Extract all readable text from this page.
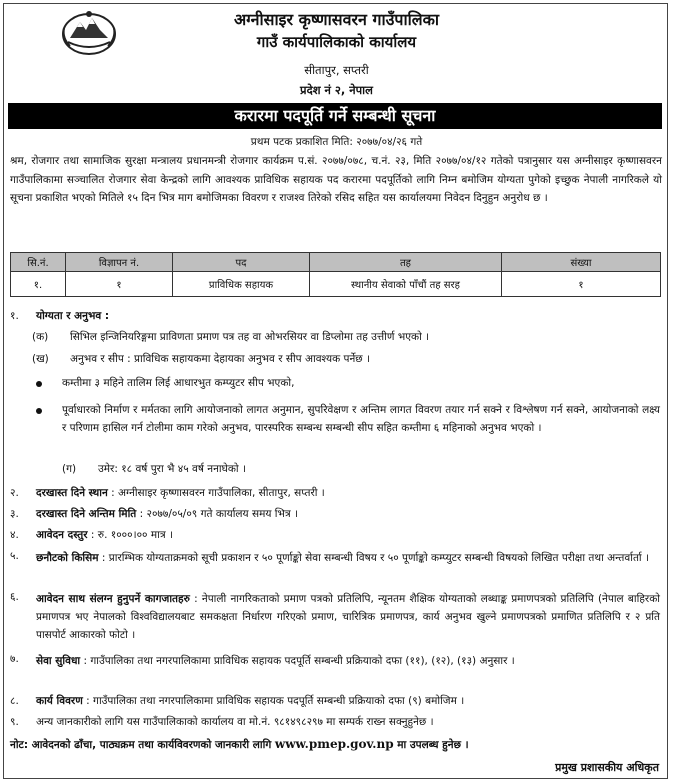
अग्नीसाइर कृष्णासवरन गाउँपालिका
गाउँ कार्यपालिकाको कार्यालय
सीतापुर, सप्तरी
प्रदेश नं २, नेपाल
करारमा पदपूर्ति गर्ने सम्बन्धी सूचना
प्रथम पटक प्रकाशित मिति: २०७७/०४/२६ गते
श्रम, रोजगार तथा सामाजिक सुरक्षा मन्त्रालय प्रधानमन्त्री रोजगार कार्यक्रम प.सं. २०७७/०७८, च.नं. २३, मिति २०७७/०४/१२ गतेको पत्रानुसार यस अग्नीसाइर कृष्णासवरन गाउँपालिकामा सञ्चालित रोजगार सेवा केन्द्रको लागि आवश्यक प्राविधिक सहायक पद करारमा पदपूर्तिको लागि निम्न बमोजिम योग्यता पुगेको इच्छुक नेपाली नागरिकले यो सूचना प्रकाशित भएको मितिले १५ दिन भित्र माग बमोजिमका विवरण र राजश्व तिरेको रसिद सहित यस कार्यालयमा निवेदन दिनुहुन अनुरोध छ ।
सि.नं.	विज्ञापन नं.	पद	तह	संख्या
१.	१	प्राविधिक सहायक	स्थानीय सेवाको पाँचौं तह सरह	१
१. योग्यता र अनुभव :
(क) सिभिल इन्जिनियरिङ्गमा प्राविणता प्रमाण पत्र तह वा ओभरसियर वा डिप्लोमा तह उत्तीर्ण भएको ।
(ख) अनुभव र सीप : प्राविधिक सहायकमा देहायका अनुभव र सीप आवश्यक पर्नेछ ।
कम्तीमा ३ महिने तालिम लिई आधारभुत कम्प्युटर सीप भएको,
पूर्वाधारको निर्माण र मर्मतका लागि आयोजनाको लागत अनुमान, सुपरिवेक्षण र अन्तिम लागत विवरण तयार गर्न सक्ने र विश्लेषण गर्न सक्ने, आयोजनाको लक्ष्य र परिणाम हासिल गर्न टोलीमा काम गरेको अनुभव, पारस्परिक सम्बन्ध सम्बन्धी सीप सहित कम्तीमा ६ महिनाको अनुभव भएको ।
(ग) उमेर: १८ वर्ष पुरा भै ४५ वर्ष ननाघेको ।
२. दरखास्त दिने स्थान : अग्नीसाइर कृष्णासवरन गाउँपालिका, सीतापुर, सप्तरी ।
३. दरखास्त दिने अन्तिम मिति : २०७७/०५/०९ गते कार्यालय समय भित्र ।
४. आवेदन दस्तुर : रु. १०००।०० मात्र ।
५. छनौटको किसिम : प्रारम्भिक योग्यताक्रमको सूची प्रकाशन र ५० पूर्णाङ्को सेवा सम्बन्धी विषय र ५० पूर्णाङ्को कम्प्युटर सम्बन्धी विषयको लिखित परीक्षा तथा अन्तर्वार्ता ।
६. आवेदन साथ संलग्न हुनुपर्ने कागजातहरु : नेपाली नागरिकताको प्रमाण पत्रको प्रतिलिपि, न्यूनतम शैक्षिक योग्यताको लब्धाङ्क प्रमाणपत्रको प्रतिलिपि (नेपाल बाहिरको प्रमाणपत्र भए नेपालको विश्वविद्यालयबाट समकक्षता निर्धारण गरिएको प्रमाण, चारित्रिक प्रमाणपत्र, कार्य अनुभव खुल्ने प्रमाणपत्रको प्रमाणित प्रतिलिपि र २ प्रति पासपोर्ट आकारको फोटो ।
७. सेवा सुविधा : गाउँपालिका तथा नगरपालिकामा प्राविधिक सहायक पदपूर्ति सम्बन्धी प्रक्रियाको दफा (११), (१२), (१३) अनुसार ।
८. कार्य विवरण : गाउँपालिका तथा नगरपालिकामा प्राविधिक सहायक पदपूर्ति सम्बन्धी प्रक्रियाको दफा (९) बमोजिम ।
९. अन्य जानकारीको लागि यस गाउँपालिकाको कार्यालय वा मो.नं. ९८१४९८२९७ मा सम्पर्क राख्न सक्नुहुनेछ ।
नोट: आवेदनको ढाँचा, पाठ्यक्रम तथा कार्यविवरणको जानकारी लागि www.pmep.gov.np मा उपलब्ध हुनेछ ।
प्रमुख प्रशासकीय अधिकृत
